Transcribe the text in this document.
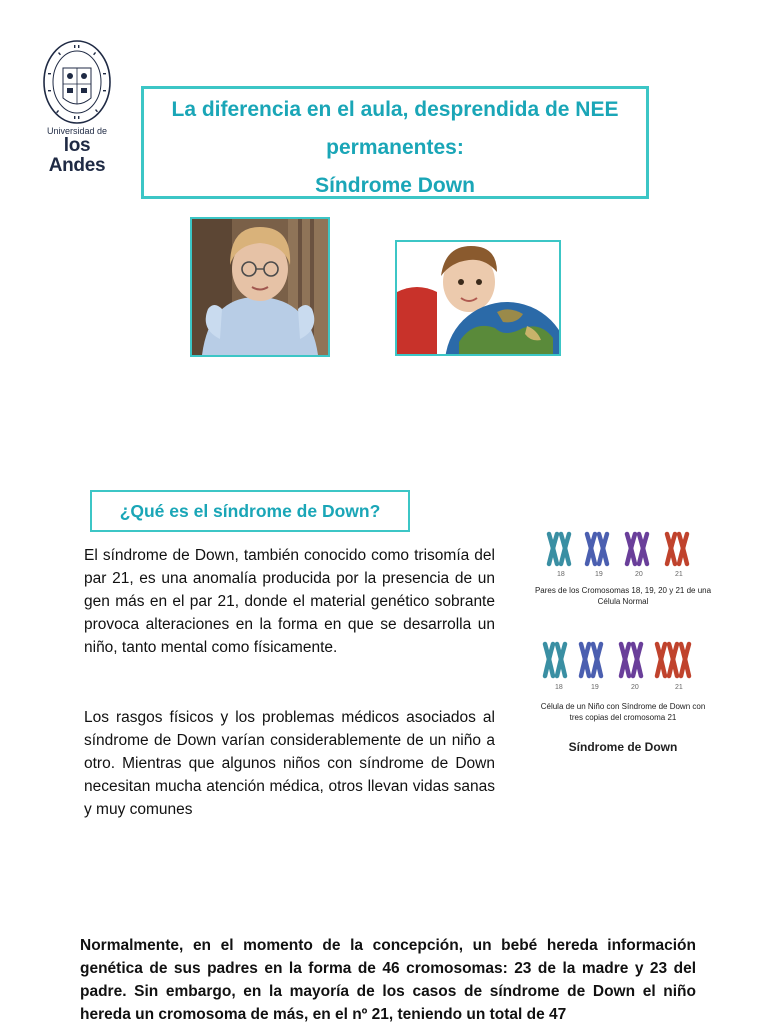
Universidad de
los Andes
La diferencia en el aula, desprendida de NEE
permanentes:
Síndrome Down
¿Qué es el síndrome de Down?
El síndrome de Down, también conocido como trisomía del par 21, es una anomalía producida por la presencia de un gen más en el par 21, donde el material genético sobrante provoca alteraciones en la forma en que se desarrolla un niño, tanto mental como físicamente.
Los rasgos físicos y los problemas médicos asociados al síndrome de Down varían considerablemente de un niño a otro. Mientras que algunos niños con síndrome de Down necesitan mucha atención médica, otros llevan vidas sanas y muy comunes
Normalmente, en el momento de la concepción, un bebé hereda información genética de sus padres en la forma de 46 cromosomas: 23 de la madre y 23 del padre. Sin embargo, en la mayoría de los casos de síndrome de Down el niño hereda un cromosoma de más, en el nº 21, teniendo un total de 47
18	19	20	21
Pares de los Cromosomas 18, 19, 20 y 21 de una Célula Normal
18	19	20	21
Célula de un Niño con Síndrome de Down con tres copias del cromosoma 21
Síndrome de Down
